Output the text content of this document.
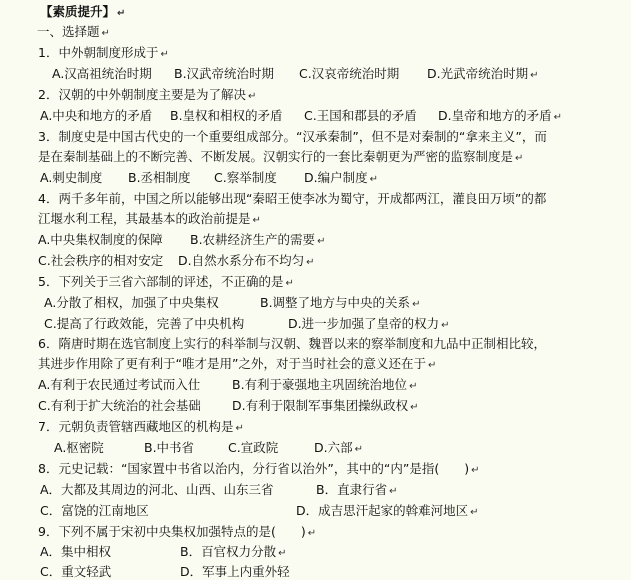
【素质提升】 ↵
一、选择题 ↵
1．中外朝制度形成于 ↵
A.汉高祖统治时期 B.汉武帝统治时期 C.汉哀帝统治时期 D.光武帝统治时期 ↵
2．汉朝的中外朝制度主要是为了解决 ↵
A.中央和地方的矛盾 B.皇权和相权的矛盾 C.王国和郡县的矛盾 D.皇帝和地方的矛盾 ↵
3．制度史是中国古代史的一个重要组成部分。“汉承秦制”，但不是对秦制的“拿来主义”，而
是在秦制基础上的不断完善、不断发展。汉朝实行的一套比秦朝更为严密的监察制度是 ↵
A.刺史制度 B.丞相制度 C.察举制度 D.编户制度 ↵
4．两千多年前，中国之所以能够出现“秦昭王使李冰为蜀守，开成都两江，灌良田万顷”的都
江堰水利工程，其最基本的政治前提是 ↵
A.中央集权制度的保障 B.农耕经济生产的需要 ↵
C.社会秩序的相对安定 D.自然水系分布不均匀 ↵
5．下列关于三省六部制的评述，不正确的是 ↵
A.分散了相权，加强了中央集权	B.调整了地方与中央的关系 ↵
C.提高了行政效能，完善了中央机构	D.进一步加强了皇帝的权力 ↵
6．隋唐时期在选官制度上实行的科举制与汉朝、魏晋以来的察举制度和九品中正制相比较，
其进步作用除了更有利于“唯才是用”之外，对于当时社会的意义还在于 ↵
A.有利于农民通过考试而入仕	B.有利于豪强地主巩固统治地位 ↵
C.有利于扩大统治的社会基础	D.有利于限制军事集团操纵政权 ↵
7．元朝负责管辖西藏地区的机构是 ↵
A.枢密院	B.中书省	C.宣政院	D.六部 ↵
8．元史记载：“国家置中书省以治内，分行省以治外”，其中的“内”是指(　　) ↵
A．大都及其周边的河北、山西、山东三省	B．直隶行省 ↵
C．富饶的江南地区	D．成吉思汗起家的斡难河地区 ↵
9．下列不属于宋初中央集权加强特点的是(　　) ↵
A．集中相权	B．百官权力分散 ↵
C．重文轻武	D．军事上内重外轻
